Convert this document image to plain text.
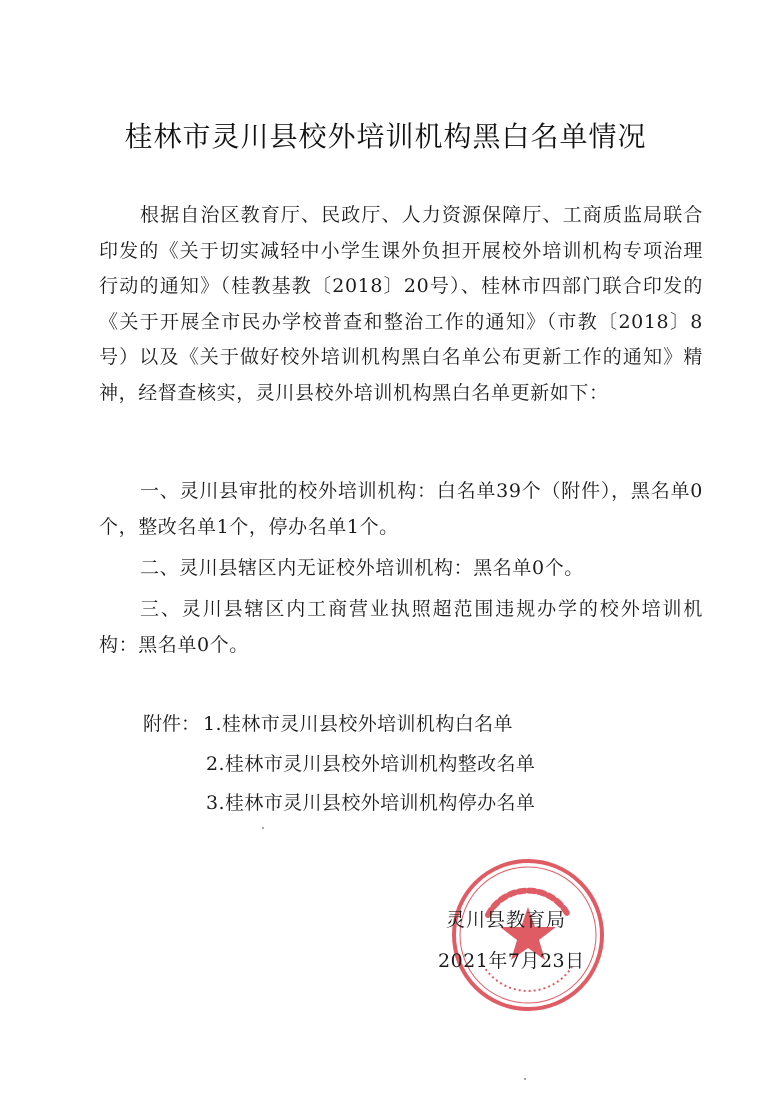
桂林市灵川县校外培训机构黑白名单情况

根据自治区教育厅、民政厅、人力资源保障厅、工商质监局联合印发的《关于切实减轻中小学生课外负担开展校外培训机构专项治理行动的通知》（桂教基教〔2018〕20号）、桂林市四部门联合印发的《关于开展全市民办学校普查和整治工作的通知》（市教〔2018〕8号）以及《关于做好校外培训机构黑白名单公布更新工作的通知》精神，经督查核实，灵川县校外培训机构黑白名单更新如下：

一、灵川县审批的校外培训机构：白名单39个（附件），黑名单0个，整改名单1个，停办名单1个。

二、灵川县辖区内无证校外培训机构：黑名单0个。

三、灵川县辖区内工商营业执照超范围违规办学的校外培训机构：黑名单0个。

附件： 1.桂林市灵川县校外培训机构白名单
2.桂林市灵川县校外培训机构整改名单
3.桂林市灵川县校外培训机构停办名单
灵川县教育局
2021年7月23日
